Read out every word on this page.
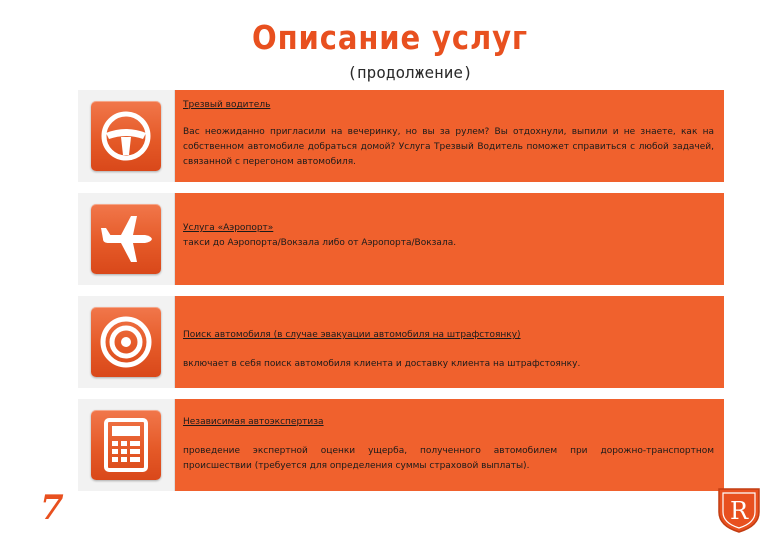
Описание услуг
(продолжение)
Трезвый водитель
Вас неожиданно пригласили на вечеринку, но вы за рулем? Вы отдохнули, выпили и не знаете, как на собственном автомобиле добраться домой? Услуга Трезвый Водитель поможет справиться с любой задачей, связанной с перегоном автомобиля.
Услуга «Аэропорт»
такси до Аэропорта/Вокзала либо от Аэропорта/Вокзала.
Поиск автомобиля (в случае эвакуации автомобиля на штрафстоянку)
включает в себя поиск автомобиля клиента и доставку клиента на штрафстоянку.
Независимая автоэкспертиза
проведение экспертной оценки ущерба, полученного автомобилем при дорожно-транспортном происшествии (требуется для определения суммы страховой выплаты).
7	R
